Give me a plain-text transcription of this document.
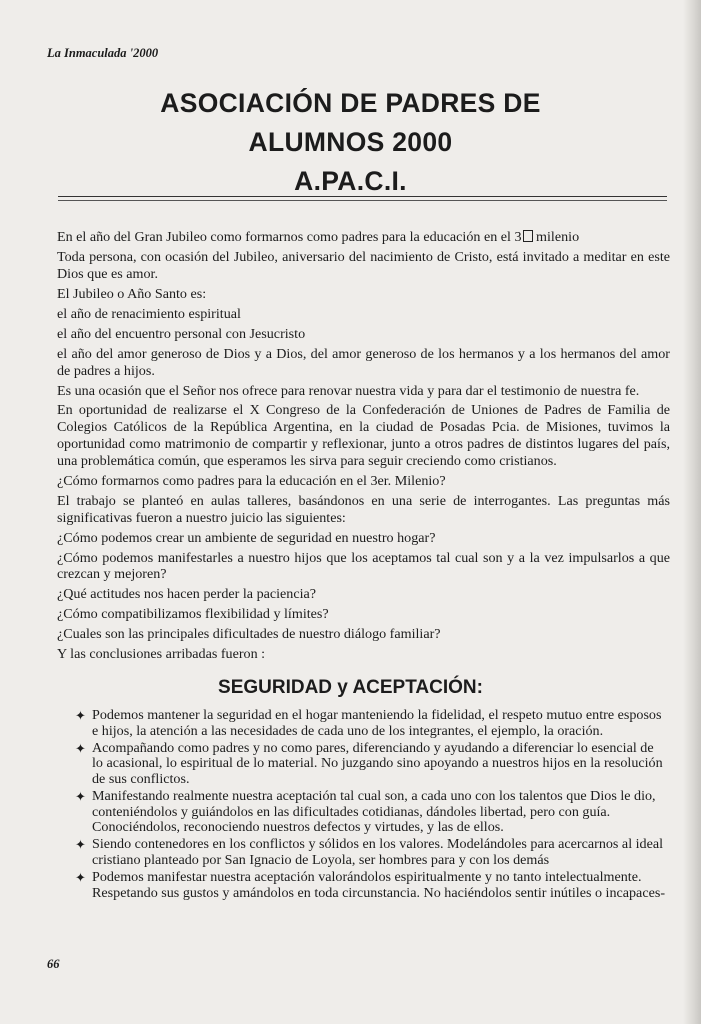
La Inmaculada '2000
ASOCIACIÓN DE PADRES DE
ALUMNOS 2000
A.PA.C.I.

En el año del Gran Jubileo como formarnos como padres para la educación en el 3 milenio

Toda persona, con ocasión del Jubileo, aniversario del nacimiento de Cristo, está invitado a meditar en este Dios que es amor.

El Jubileo o Año Santo es:

el año de renacimiento espiritual

el año del encuentro personal con Jesucristo

el año del amor generoso de Dios y a Dios, del amor generoso de los hermanos y a los hermanos del amor de padres a hijos.

Es una ocasión que el Señor nos ofrece para renovar nuestra vida y para dar el testimonio de nuestra fe.

En oportunidad de realizarse el X Congreso de la Confederación de Uniones de Padres de Familia de Colegios Católicos de la República Argentina, en la ciudad de Posadas Pcia. de Misiones, tuvimos la oportunidad como matrimonio de compartir y reflexionar, junto a otros padres de distintos lugares del país, una problemática común, que esperamos les sirva para seguir creciendo como cristianos.

¿Cómo formarnos como padres para la educación en el 3er. Milenio?

El trabajo se planteó en aulas talleres, basándonos en una serie de interrogantes. Las preguntas más significativas fueron a nuestro juicio las siguientes:

¿Cómo podemos crear un ambiente de seguridad en nuestro hogar?

¿Cómo podemos manifestarles a nuestro hijos que los aceptamos tal cual son y a la vez impulsarlos a que crezcan y mejoren?

¿Qué actitudes nos hacen perder la paciencia?

¿Cómo compatibilizamos flexibilidad y límites?

¿Cuales son las principales dificultades de nuestro diálogo familiar?

Y las conclusiones arribadas fueron :

SEGURIDAD y ACEPTACIÓN:

✦ Podemos mantener la seguridad en el hogar manteniendo la fidelidad, el respeto mutuo entre esposos e hijos, la atención a las necesidades de cada uno de los integrantes, el ejemplo, la oración.

✦ Acompañando como padres y no como pares, diferenciando y ayudando a diferenciar lo esencial de lo acasional, lo espiritual de lo material. No juzgando sino apoyando a nuestros hijos en la resolución de sus conflictos.

✦ Manifestando realmente nuestra aceptación tal cual son, a cada uno con los talentos que Dios le dio, conteniéndolos y guiándolos en las dificultades cotidianas, dándoles libertad, pero con guía. Conociéndolos, reconociendo nuestros defectos y virtudes, y las de ellos.

✦ Siendo contenedores en los conflictos y sólidos en los valores. Modelándoles para acercarnos al ideal cristiano planteado por San Ignacio de Loyola, ser hombres para y con los demás

✦ Podemos manifestar nuestra aceptación valorándolos espiritualmente y no tanto intelectualmente. Respetando sus gustos y amándolos en toda circunstancia. No haciéndolos sentir inútiles o incapaces-

66
